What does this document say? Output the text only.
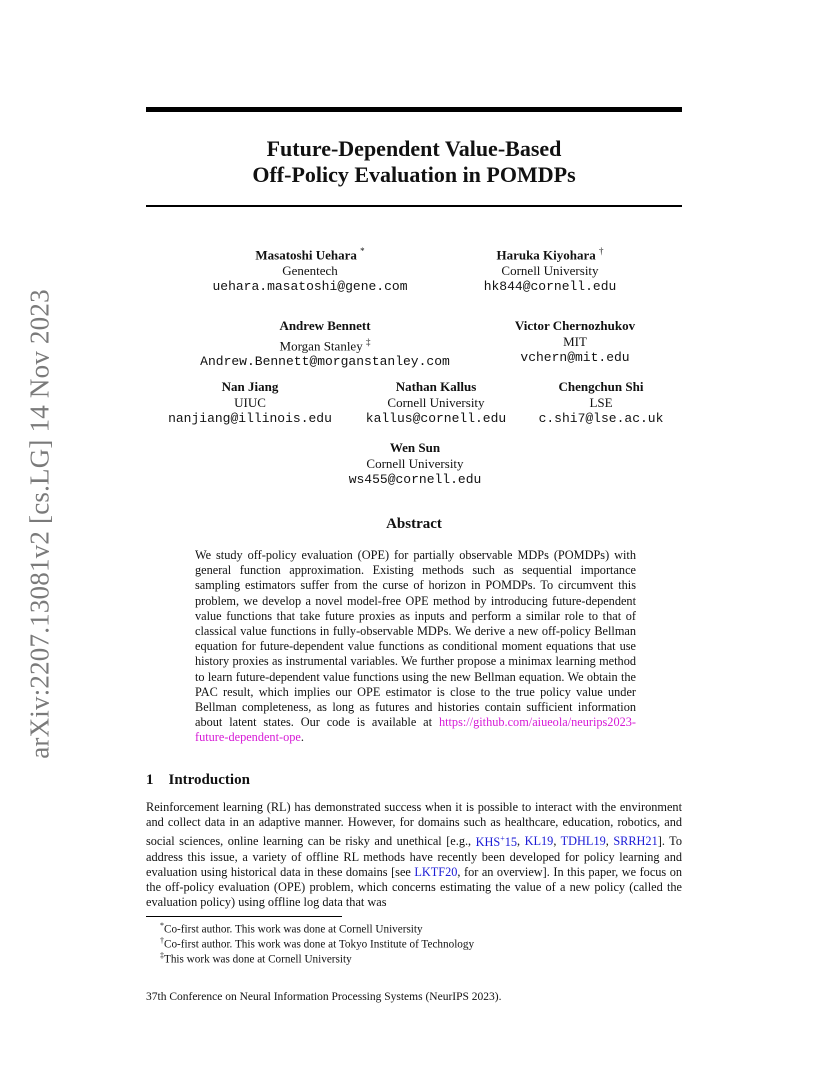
arXiv:2207.13081v2 [cs.LG] 14 Nov 2023
Future-Dependent Value-Based
Off-Policy Evaluation in POMDPs
Masatoshi Uehara *
Genentech
uehara.masatoshi@gene.com
Haruka Kiyohara †
Cornell University
hk844@cornell.edu
Andrew Bennett
Morgan Stanley ‡
Andrew.Bennett@morganstanley.com
Victor Chernozhukov
MIT
vchern@mit.edu
Nan Jiang
UIUC
nanjiang@illinois.edu
Nathan Kallus
Cornell University
kallus@cornell.edu
Chengchun Shi
LSE
c.shi7@lse.ac.uk
Wen Sun
Cornell University
ws455@cornell.edu
Abstract
We study off-policy evaluation (OPE) for partially observable MDPs (POMDPs) with general function approximation. Existing methods such as sequential importance sampling estimators suffer from the curse of horizon in POMDPs. To circumvent this problem, we develop a novel model-free OPE method by introducing future-dependent value functions that take future proxies as inputs and perform a similar role to that of classical value functions in fully-observable MDPs. We derive a new off-policy Bellman equation for future-dependent value functions as conditional moment equations that use history proxies as instrumental variables. We further propose a minimax learning method to learn future-dependent value functions using the new Bellman equation. We obtain the PAC result, which implies our OPE estimator is close to the true policy value under Bellman completeness, as long as futures and histories contain sufficient information about latent states. Our code is available at https://github.com/aiueola/neurips2023-future-dependent-ope.
1 Introduction
Reinforcement learning (RL) has demonstrated success when it is possible to interact with the environment and collect data in an adaptive manner. However, for domains such as healthcare, education, robotics, and social sciences, online learning can be risky and unethical [e.g., KHS+15, KL19, TDHL19, SRRH21]. To address this issue, a variety of offline RL methods have recently been developed for policy learning and evaluation using historical data in these domains [see LKTF20, for an overview]. In this paper, we focus on the off-policy evaluation (OPE) problem, which concerns estimating the value of a new policy (called the evaluation policy) using offline log data that was
*Co-first author. This work was done at Cornell University
†Co-first author. This work was done at Tokyo Institute of Technology
‡This work was done at Cornell University
37th Conference on Neural Information Processing Systems (NeurIPS 2023).
